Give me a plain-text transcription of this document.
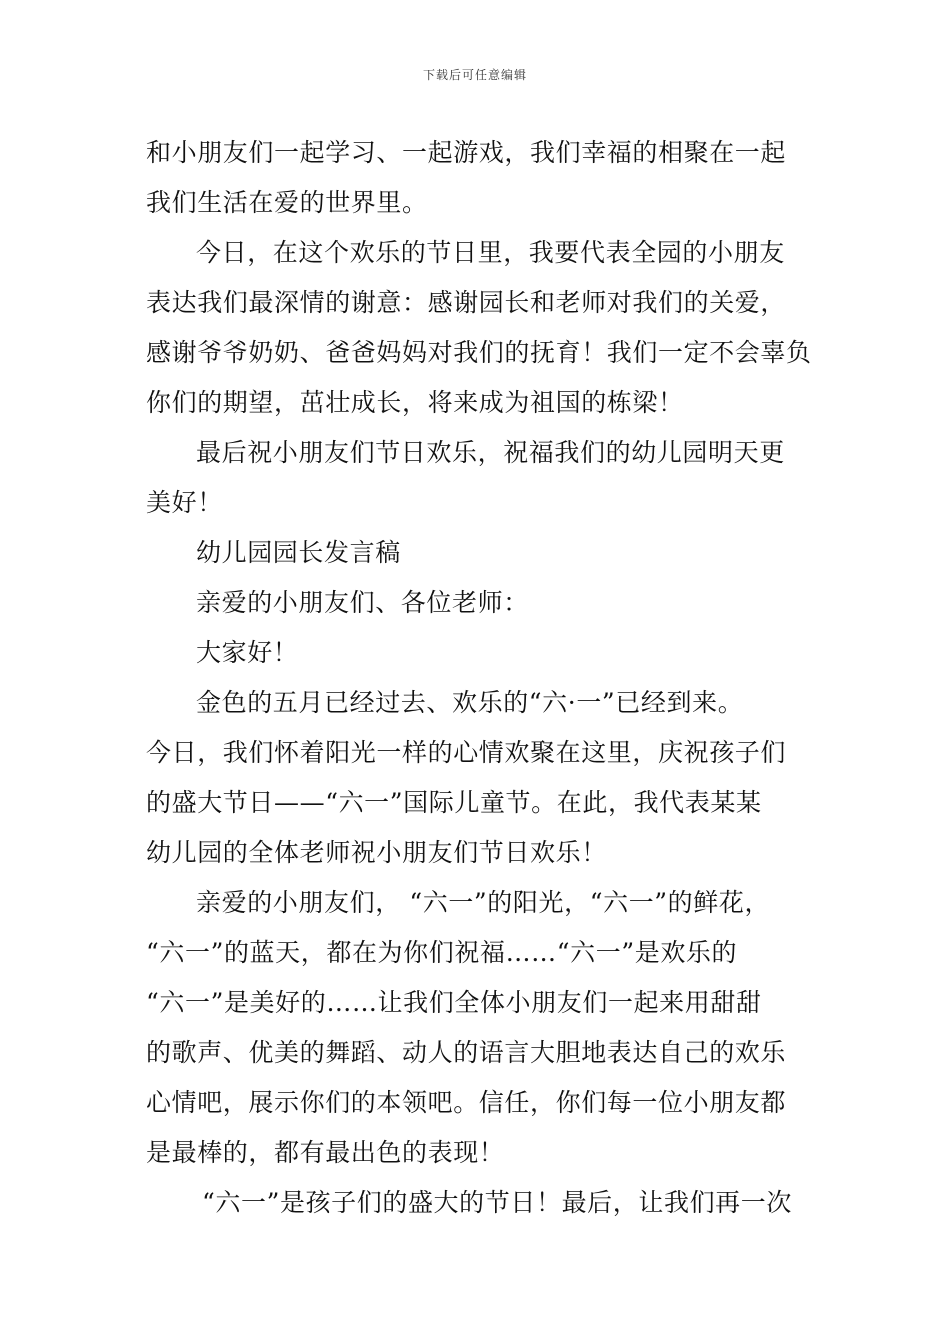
下载后可任意编辑
和小朋友们一起学习、一起游戏，我们幸福的相聚在一起
我们生活在爱的世界里。
今日，在这个欢乐的节日里，我要代表全园的小朋友
表达我们最深情的谢意：感谢园长和老师对我们的关爱，
感谢爷爷奶奶、爸爸妈妈对我们的抚育！我们一定不会辜负
你们的期望，茁壮成长，将来成为祖国的栋梁！
最后祝小朋友们节日欢乐，祝福我们的幼儿园明天更
美好！
幼儿园园长发言稿
亲爱的小朋友们、各位老师：
大家好！
金色的五月已经过去、欢乐的“六·一”已经到来。
今日，我们怀着阳光一样的心情欢聚在这里，庆祝孩子们
的盛大节日——“六一”国际儿童节。在此，我代表某某
幼儿园的全体老师祝小朋友们节日欢乐！
亲爱的小朋友们， “六一”的阳光，“六一”的鲜花，
“六一”的蓝天，都在为你们祝福……“六一”是欢乐的
“六一”是美好的……让我们全体小朋友们一起来用甜甜
的歌声、优美的舞蹈、动人的语言大胆地表达自己的欢乐
心情吧，展示你们的本领吧。信任，你们每一位小朋友都
是最棒的，都有最出色的表现！
“六一”是孩子们的盛大的节日！最后，让我们再一次
